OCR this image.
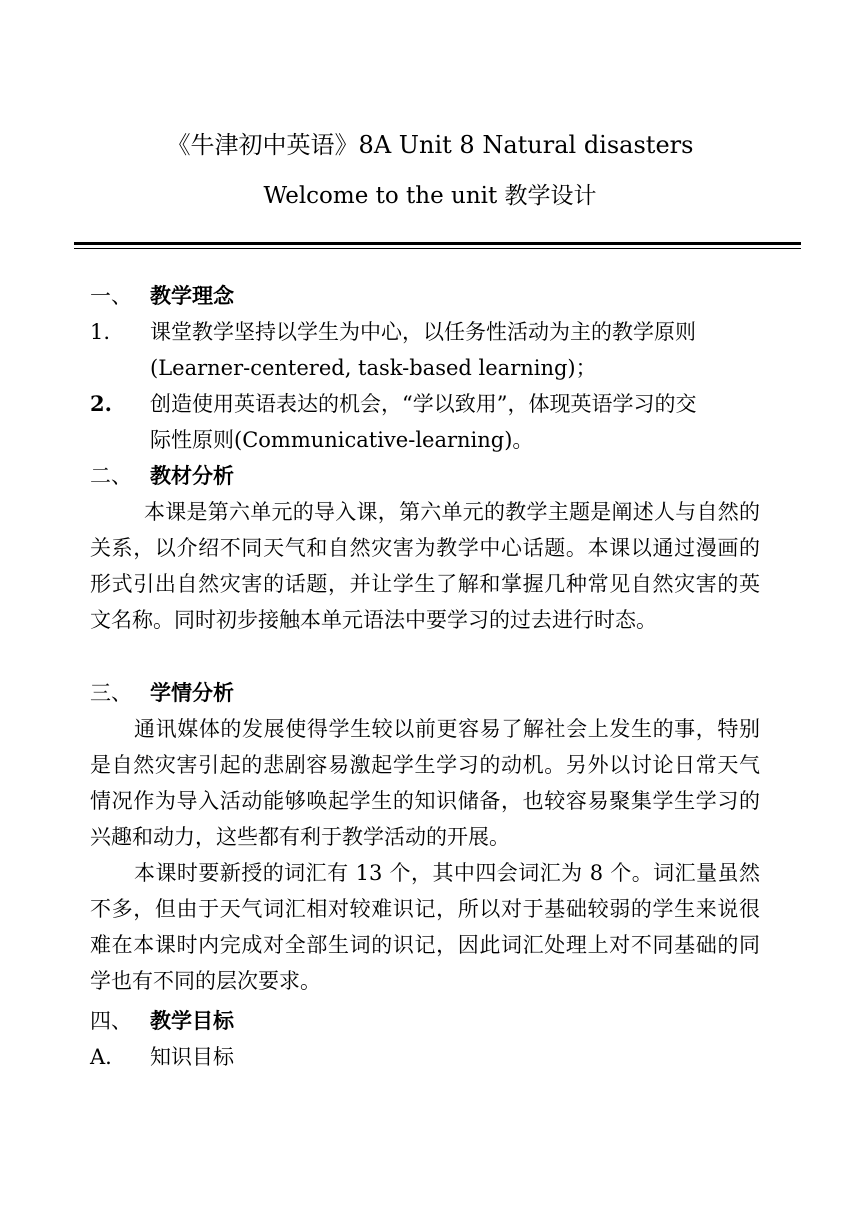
《牛津初中英语》8A Unit 8 Natural disasters
Welcome to the unit 教学设计
一、 教学理念
1. 课堂教学坚持以学生为中心，以任务性活动为主的教学原则
(Learner-centered, task-based learning)；
2. 创造使用英语表达的机会，“学以致用”，体现英语学习的交
际性原则(Communicative-learning)。
二、 教材分析

本课是第六单元的导入课，第六单元的教学主题是阐述人与自然的关系，以介绍不同天气和自然灾害为教学中心话题。本课以通过漫画的形式引出自然灾害的话题，并让学生了解和掌握几种常见自然灾害的英文名称。同时初步接触本单元语法中要学习的过去进行时态。

三、 学情分析

通讯媒体的发展使得学生较以前更容易了解社会上发生的事，特别是自然灾害引起的悲剧容易激起学生学习的动机。另外以讨论日常天气情况作为导入活动能够唤起学生的知识储备，也较容易聚集学生学习的兴趣和动力，这些都有利于教学活动的开展。

本课时要新授的词汇有 13 个，其中四会词汇为 8 个。词汇量虽然不多，但由于天气词汇相对较难识记，所以对于基础较弱的学生来说很难在本课时内完成对全部生词的识记，因此词汇处理上对不同基础的同学也有不同的层次要求。

四、 教学目标
A. 知识目标
